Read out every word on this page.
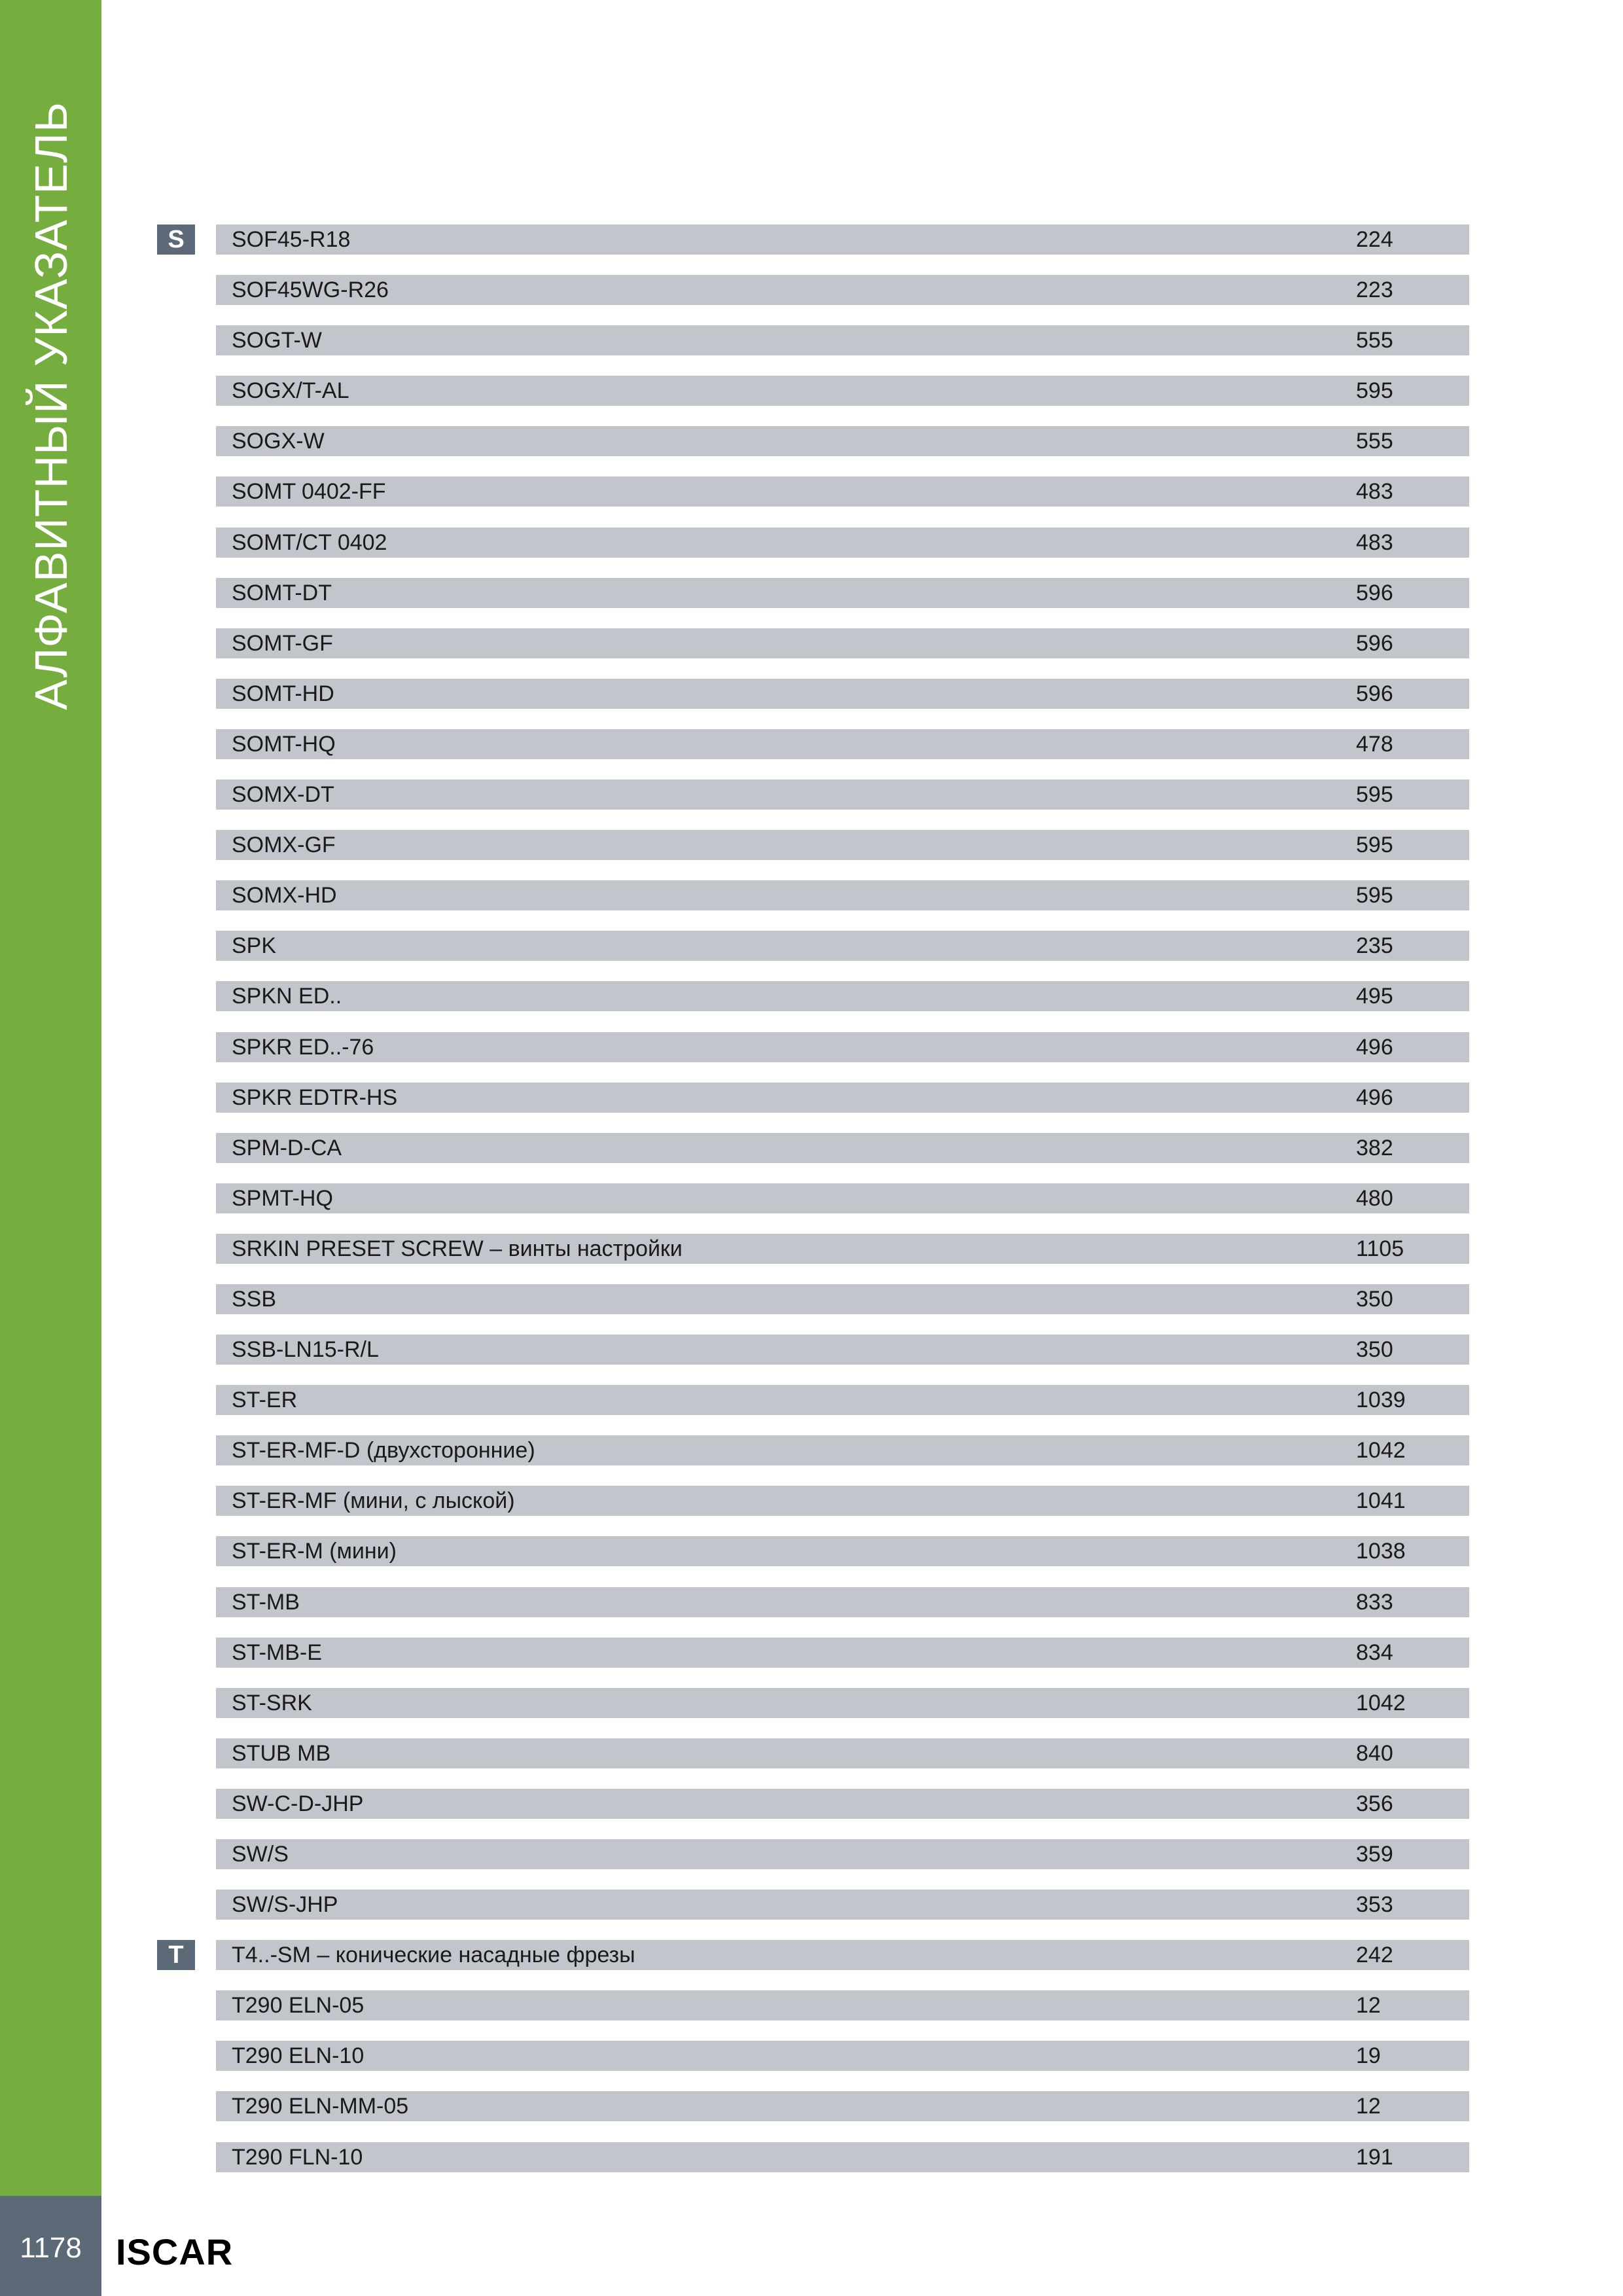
АЛФАВИТНЫЙ УКАЗАТЕЛЬ	S	SOF45-R18	224
SOF45WG-R26	223
SOGT-W	555
SOGX/T-AL	595
SOGX-W	555
SOMT 0402-FF	483
SOMT/CT 0402	483
SOMT-DT	596
SOMT-GF	596
SOMT-HD	596
SOMT-HQ	478
SOMX-DT	595
SOMX-GF	595
SOMX-HD	595
SPK	235
SPKN ED..	495
SPKR ED..-76	496
SPKR EDTR-HS	496
SPM-D-CA	382
SPMT-HQ	480
SRKIN PRESET SCREW – винты настройки	1105
SSB	350
SSB-LN15-R/L	350
ST-ER	1039
ST-ER-MF-D (двухсторонние)	1042
ST-ER-MF (мини, с лыской)	1041
ST-ER-M (мини)	1038
ST-MB	833
ST-MB-E	834
ST-SRK	1042
STUB MB	840
SW-C-D-JHP	356
SW/S	359
SW/S-JHP	353
T	T4..-SM – конические насадные фрезы	242
T290 ELN-05	12
T290 ELN-10	19
T290 ELN-MM-05	12
T290 FLN-10	191
1178 ISCAR
